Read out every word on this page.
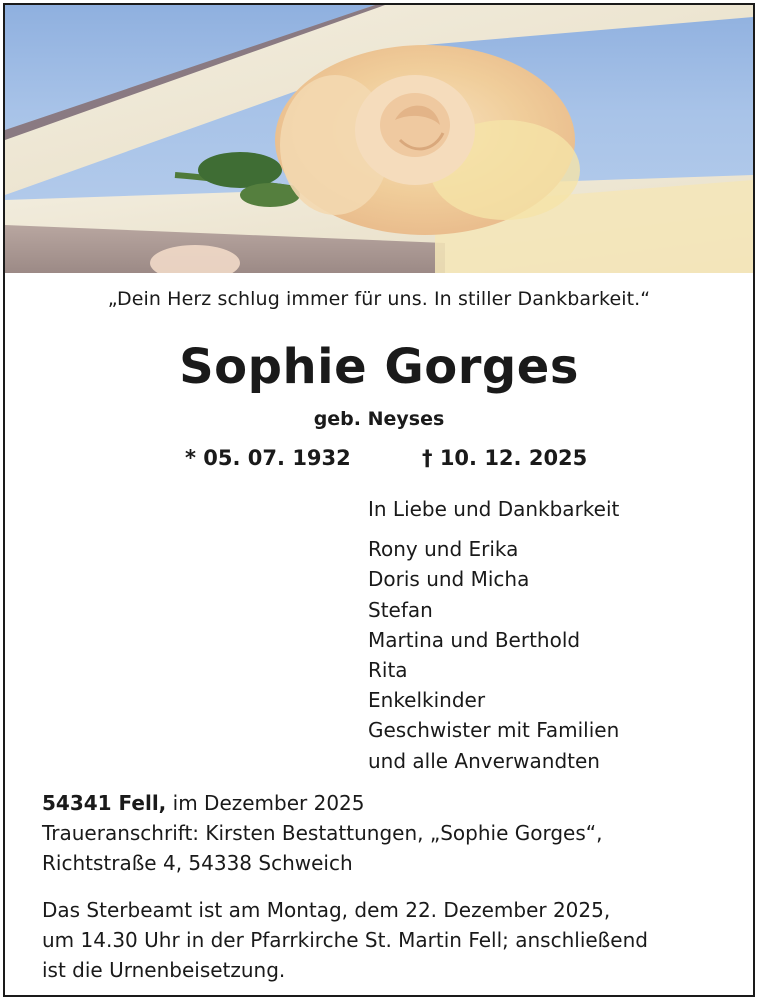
„Dein Herz schlug immer für uns. In stiller Dankbarkeit.“
Sophie Gorges
geb. Neyses
* 05. 07. 1932	† 10. 12. 2025
In Liebe und Dankbarkeit
Rony und Erika
Doris und Micha
Stefan
Martina und Berthold
Rita
Enkelkinder
Geschwister mit Familien
und alle Anverwandten
54341 Fell, im Dezember 2025
Traueranschrift: Kirsten Bestattungen, „Sophie Gorges“,
Richtstraße 4, 54338 Schweich
Das Sterbeamt ist am Montag, dem 22. Dezember 2025,
um 14.30 Uhr in der Pfarrkirche St. Martin Fell; anschließend
ist die Urnenbeisetzung.
